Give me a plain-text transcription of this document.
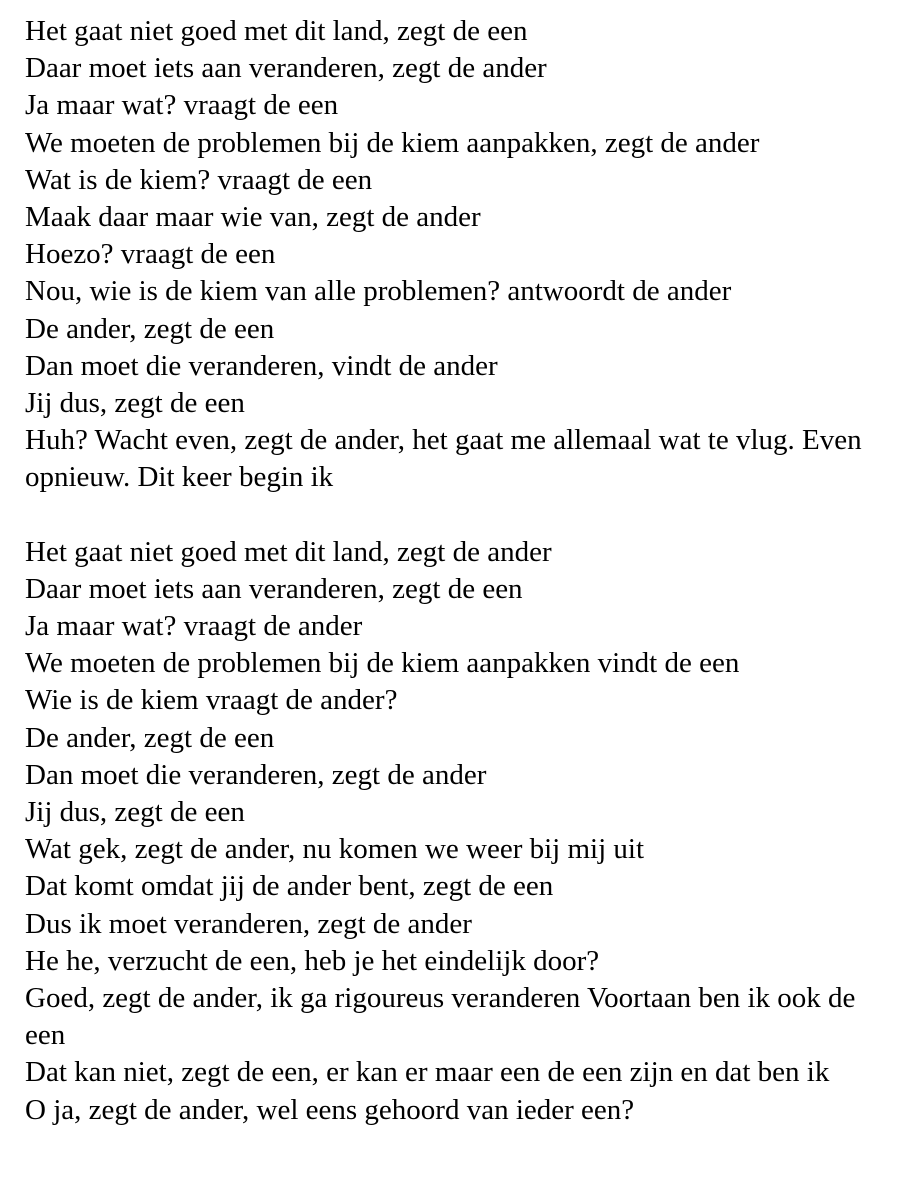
Het gaat niet goed met dit land, zegt de een
Daar moet iets aan veranderen, zegt de ander
Ja maar wat? vraagt de een
We moeten de problemen bij de kiem aanpakken, zegt de ander
Wat is de kiem? vraagt de een
Maak daar maar wie van, zegt de ander
Hoezo? vraagt de een
Nou, wie is de kiem van alle problemen? antwoordt de ander
De ander, zegt de een
Dan moet die veranderen, vindt de ander
Jij dus, zegt de een
Huh? Wacht even, zegt de ander, het gaat me allemaal wat te vlug. Even opnieuw. Dit keer begin ik
Het gaat niet goed met dit land, zegt de ander
Daar moet iets aan veranderen, zegt de een
Ja maar wat? vraagt de ander
We moeten de problemen bij de kiem aanpakken vindt de een
Wie is de kiem vraagt de ander?
De ander, zegt de een
Dan moet die veranderen, zegt de ander
Jij dus, zegt de een
Wat gek, zegt de ander, nu komen we weer bij mij uit
Dat komt omdat jij de ander bent, zegt de een
Dus ik moet veranderen, zegt de ander
He he, verzucht de een, heb je het eindelijk door?
Goed, zegt de ander, ik ga rigoureus veranderen Voortaan ben ik ook de een
Dat kan niet, zegt de een, er kan er maar een de een zijn en dat ben ik
O ja, zegt de ander, wel eens gehoord van ieder een?
